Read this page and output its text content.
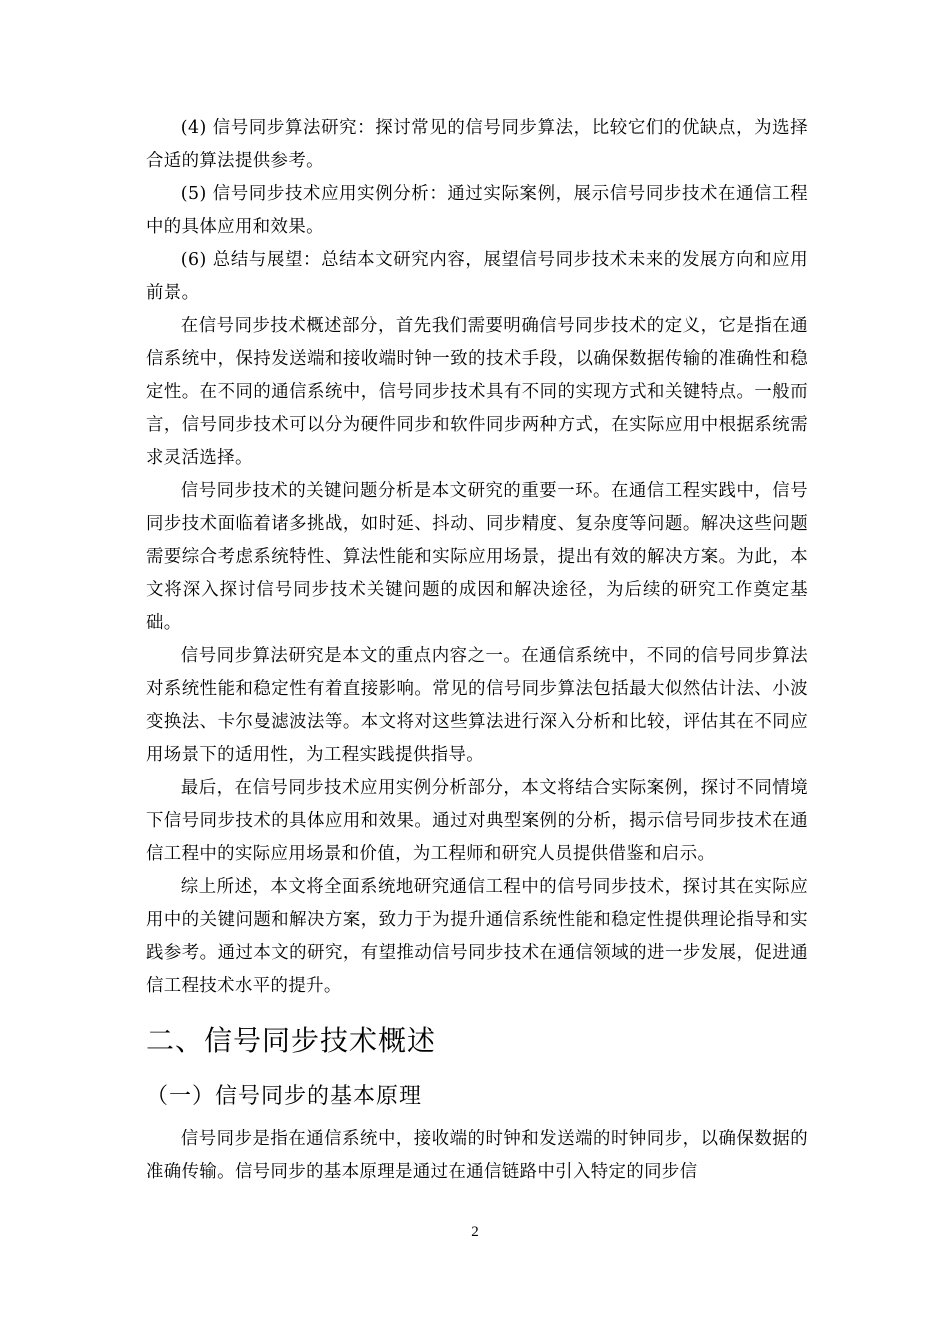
(4) 信号同步算法研究：探讨常见的信号同步算法，比较它们的优缺点，为选择合适的算法提供参考。

(5) 信号同步技术应用实例分析：通过实际案例，展示信号同步技术在通信工程中的具体应用和效果。

(6) 总结与展望：总结本文研究内容，展望信号同步技术未来的发展方向和应用前景。

在信号同步技术概述部分，首先我们需要明确信号同步技术的定义，它是指在通信系统中，保持发送端和接收端时钟一致的技术手段，以确保数据传输的准确性和稳定性。在不同的通信系统中，信号同步技术具有不同的实现方式和关键特点。一般而言，信号同步技术可以分为硬件同步和软件同步两种方式，在实际应用中根据系统需求灵活选择。

信号同步技术的关键问题分析是本文研究的重要一环。在通信工程实践中，信号同步技术面临着诸多挑战，如时延、抖动、同步精度、复杂度等问题。解决这些问题需要综合考虑系统特性、算法性能和实际应用场景，提出有效的解决方案。为此，本文将深入探讨信号同步技术关键问题的成因和解决途径，为后续的研究工作奠定基础。

信号同步算法研究是本文的重点内容之一。在通信系统中，不同的信号同步算法对系统性能和稳定性有着直接影响。常见的信号同步算法包括最大似然估计法、小波变换法、卡尔曼滤波法等。本文将对这些算法进行深入分析和比较，评估其在不同应用场景下的适用性，为工程实践提供指导。

最后，在信号同步技术应用实例分析部分，本文将结合实际案例，探讨不同情境下信号同步技术的具体应用和效果。通过对典型案例的分析，揭示信号同步技术在通信工程中的实际应用场景和价值，为工程师和研究人员提供借鉴和启示。

综上所述，本文将全面系统地研究通信工程中的信号同步技术，探讨其在实际应用中的关键问题和解决方案，致力于为提升通信系统性能和稳定性提供理论指导和实践参考。通过本文的研究，有望推动信号同步技术在通信领域的进一步发展，促进通信工程技术水平的提升。

二、信号同步技术概述
（一）信号同步的基本原理

信号同步是指在通信系统中，接收端的时钟和发送端的时钟同步，以确保数据的准确传输。信号同步的基本原理是通过在通信链路中引入特定的同步信

2
